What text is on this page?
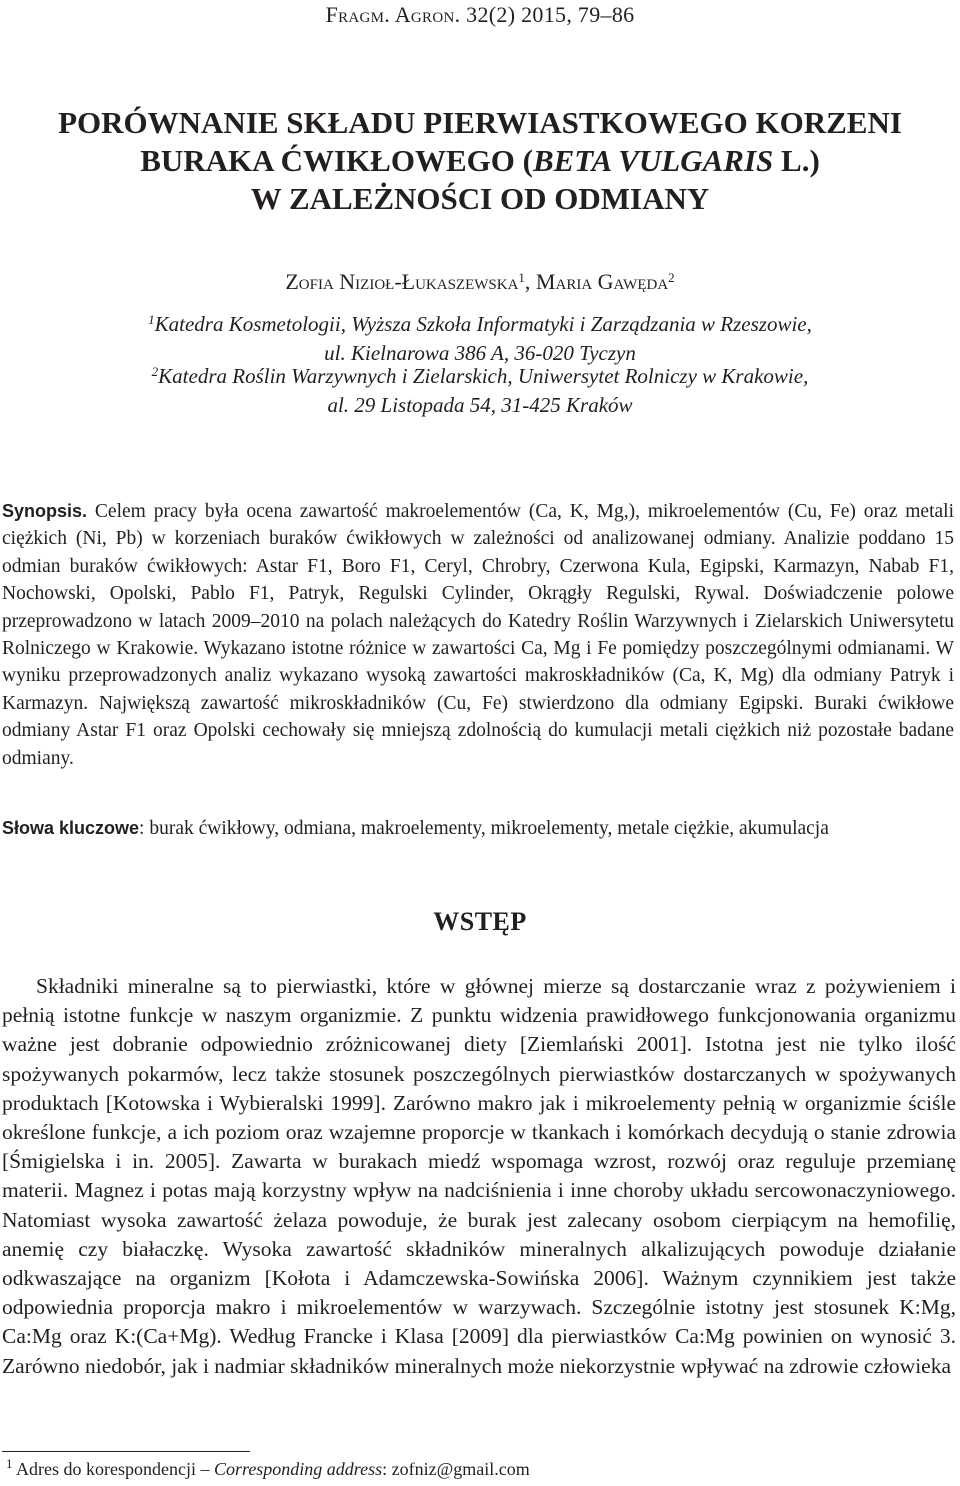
Fragm. Agron. 32(2) 2015, 79–86
PORÓWNANIE SKŁADU PIERWIASTKOWEGO KORZENI
BURAKA ĆWIKŁOWEGO (BETA VULGARIS L.)
W ZALEŻNOŚCI OD ODMIANY
Zofia Nizioł-Łukaszewska$^1$, Maria Gawęda$^2$
$^1$Katedra Kosmetologii, Wyższa Szkoła Informatyki i Zarządzania w Rzeszowie,
ul. Kielnarowa 386 A, 36-020 Tyczyn
$^2$Katedra Roślin Warzywnych i Zielarskich, Uniwersytet Rolniczy w Krakowie,
al. 29 Listopada 54, 31-425 Kraków
Synopsis. Celem pracy była ocena zawartość makroelementów (Ca, K, Mg,), mikroelementów (Cu, Fe) oraz metali ciężkich (Ni, Pb) w korzeniach buraków ćwikłowych w zależności od analizowanej odmiany. Analizie poddano 15 odmian buraków ćwikłowych: Astar F1, Boro F1, Ceryl, Chrobry, Czerwona Kula, Egipski, Karmazyn, Nabab F1, Nochowski, Opolski, Pablo F1, Patryk, Regulski Cylinder, Okrągły Regulski, Rywal. Doświadczenie polowe przeprowadzono w latach 2009–2010 na polach należących do Katedry Roślin Warzywnych i Zielarskich Uniwersytetu Rolniczego w Krakowie. Wykazano istotne różnice w zawartości Ca, Mg i Fe pomiędzy poszczególnymi odmianami. W wyniku przeprowadzonych analiz wykazano wysoką zawartości makroskładników (Ca, K, Mg) dla odmiany Patryk i Karmazyn. Największą zawartość mikroskładników (Cu, Fe) stwierdzono dla odmiany Egipski. Buraki ćwikłowe odmiany Astar F1 oraz Opolski cechowały się mniejszą zdolnością do kumulacji metali ciężkich niż pozostałe badane odmiany.
Słowa kluczowe: burak ćwikłowy, odmiana, makroelementy, mikroelementy, metale ciężkie, akumulacja
WSTĘP
Składniki mineralne są to pierwiastki, które w głównej mierze są dostarczanie wraz z pożywieniem i pełnią istotne funkcje w naszym organizmie. Z punktu widzenia prawidłowego funkcjonowania organizmu ważne jest dobranie odpowiednio zróżnicowanej diety [Ziemlański 2001]. Istotna jest nie tylko ilość spożywanych pokarmów, lecz także stosunek poszczególnych pierwiastków dostarczanych w spożywanych produktach [Kotowska i Wybieralski 1999]. Zarówno makro jak i mikroelementy pełnią w organizmie ściśle określone funkcje, a ich poziom oraz wzajemne proporcje w tkankach i komórkach decydują o stanie zdrowia [Śmigielska i in. 2005]. Zawarta w burakach miedź wspomaga wzrost, rozwój oraz reguluje przemianę materii. Magnez i potas mają korzystny wpływ na nadciśnienia i inne choroby układu sercowonaczyniowego. Natomiast wysoka zawartość żelaza powoduje, że burak jest zalecany osobom cierpiącym na hemofilię, anemię czy białaczkę. Wysoka zawartość składników mineralnych alkalizujących powoduje działanie odkwaszające na organizm [Kołota i Adamczewska-Sowińska 2006]. Ważnym czynnikiem jest także odpowiednia proporcja makro i mikroelementów w warzywach. Szczególnie istotny jest stosunek K:Mg, Ca:Mg oraz K:(Ca+Mg). Według Francke i Klasa [2009] dla pierwiastków Ca:Mg powinien on wynosić 3. Zarówno niedobór, jak i nadmiar składników mineralnych może niekorzystnie wpływać na zdrowie człowieka
$^1$ Adres do korespondencji – Corresponding address: zofniz@gmail.com
